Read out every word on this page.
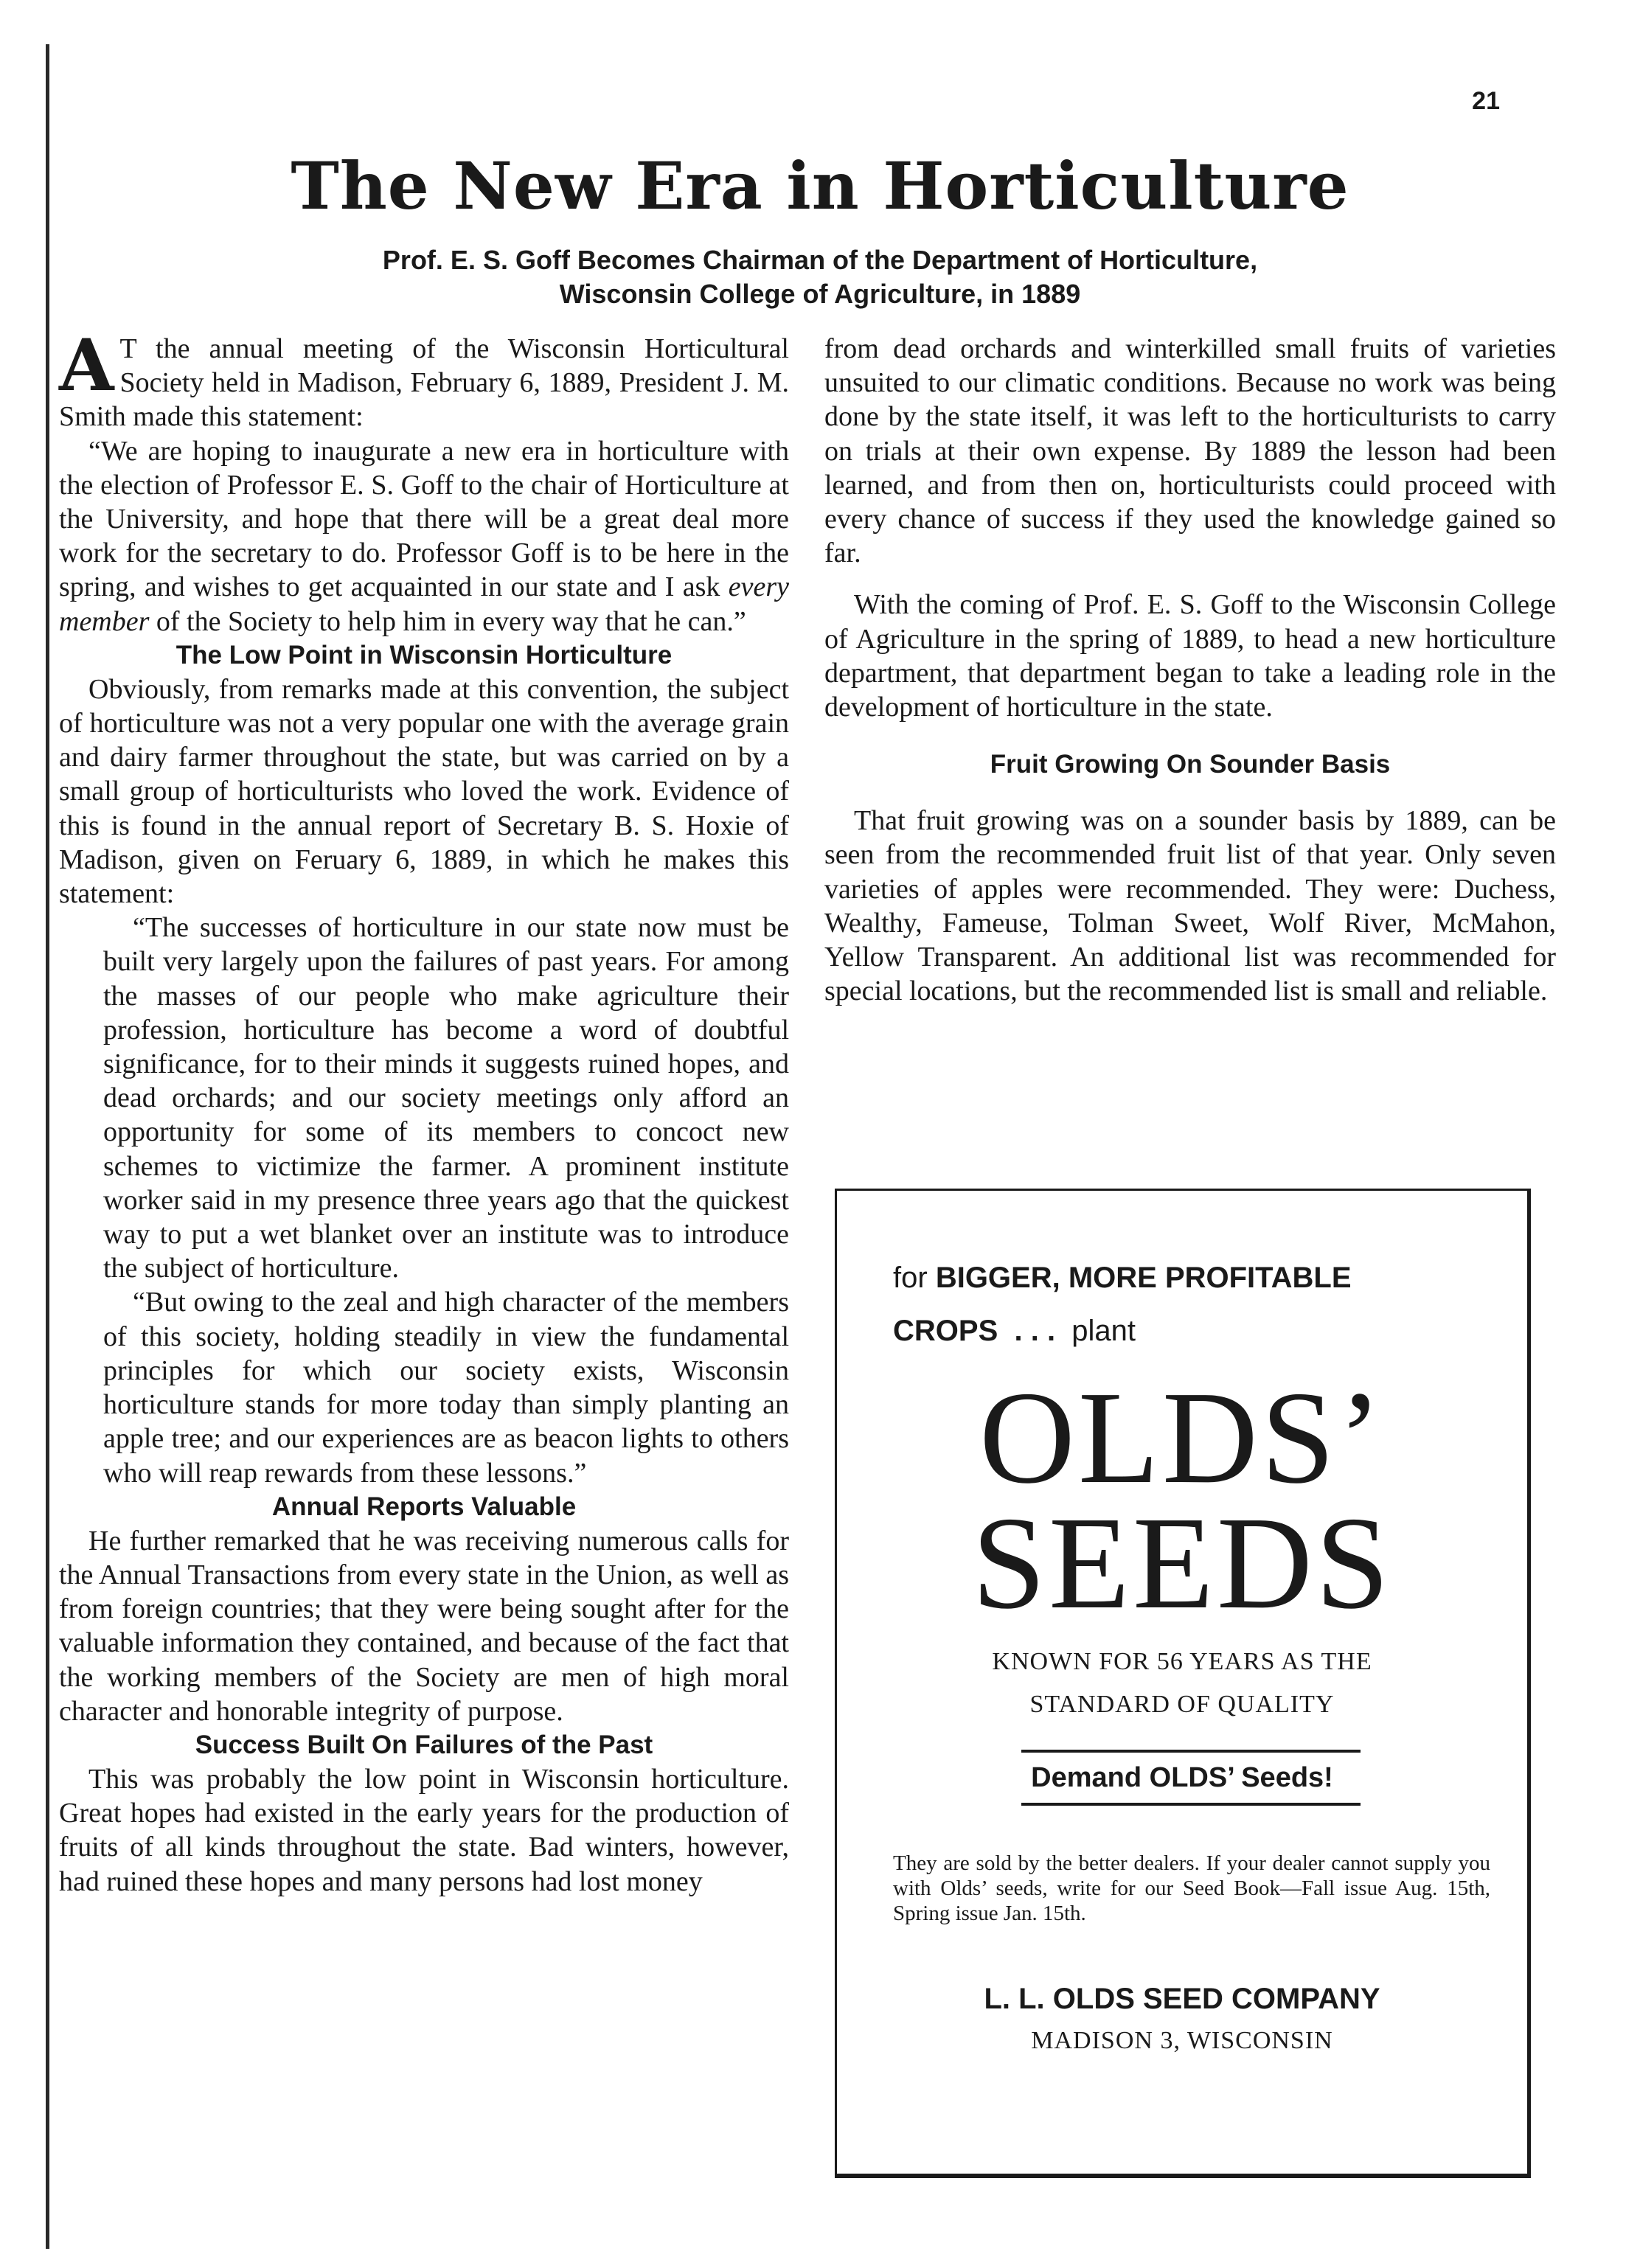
21
The New Era in Horticulture
Prof. E. S. Goff Becomes Chairman of the Department of Horticulture,
Wisconsin College of Agriculture, in 1889

A T the annual meeting of the Wisconsin Horticultural Society held in Madison, February 6, 1889, President J. M. Smith made this statement:

“We are hoping to inaugurate a new era in horticulture with the election of Professor E. S. Goff to the chair of Horticulture at the University, and hope that there will be a great deal more work for the secretary to do. Professor Goff is to be here in the spring, and wishes to get acquainted in our state and I ask every member of the Society to help him in every way that he can.”

The Low Point in Wisconsin Horticulture

Obviously, from remarks made at this convention, the subject of horticulture was not a very popular one with the average grain and dairy farmer throughout the state, but was carried on by a small group of horticulturists who loved the work. Evidence of this is found in the annual report of Secretary B. S. Hoxie of Madison, given on Feruary 6, 1889, in which he makes this statement:

“The successes of horticulture in our state now must be built very largely upon the failures of past years. For among the masses of our people who make agriculture their profession, horticulture has become a word of doubtful significance, for to their minds it suggests ruined hopes, and dead orchards; and our society meetings only afford an opportunity for some of its members to concoct new schemes to victimize the farmer. A prominent institute worker said in my presence three years ago that the quickest way to put a wet blanket over an institute was to introduce the subject of horticulture.

“But owing to the zeal and high character of the members of this society, holding steadily in view the fundamental principles for which our society exists, Wisconsin horticulture stands for more today than simply planting an apple tree; and our experiences are as beacon lights to others who will reap rewards from these lessons.”

Annual Reports Valuable

He further remarked that he was receiving numerous calls for the Annual Transactions from every state in the Union, as well as from foreign countries; that they were being sought after for the valuable information they contained, and because of the fact that the working members of the Society are men of high moral character and honorable integrity of purpose.

Success Built On Failures of the Past

This was probably the low point in Wisconsin horticulture. Great hopes had existed in the early years for the production of fruits of all kinds throughout the state. Bad winters, however, had ruined these hopes and many persons had lost money

from dead orchards and winterkilled small fruits of varieties unsuited to our climatic conditions. Because no work was being done by the state itself, it was left to the horticulturists to carry on trials at their own expense. By 1889 the lesson had been learned, and from then on, horticulturists could proceed with every chance of success if they used the knowledge gained so far.

With the coming of Prof. E. S. Goff to the Wisconsin College of Agriculture in the spring of 1889, to head a new horticulture department, that department began to take a leading role in the development of horticulture in the state.

Fruit Growing On Sounder Basis

That fruit growing was on a sounder basis by 1889, can be seen from the recommended fruit list of that year. Only seven varieties of apples were recommended. They were: Duchess, Wealthy, Fameuse, Tolman Sweet, Wolf River, McMahon, Yellow Transparent. An additional list was recommended for special locations, but the recommended list is small and reliable.

for BIGGER, MORE PROFITABLE
CROPS . . . plant
OLDS’
SEEDS
KNOWN FOR 56 YEARS AS THE
STANDARD OF QUALITY
Demand OLDS’ Seeds!
They are sold by the better dealers. If your dealer cannot supply you with Olds’ seeds, write for our Seed Book—Fall issue Aug. 15th, Spring issue Jan. 15th.
L. L. OLDS SEED COMPANY
MADISON 3, WISCONSIN
